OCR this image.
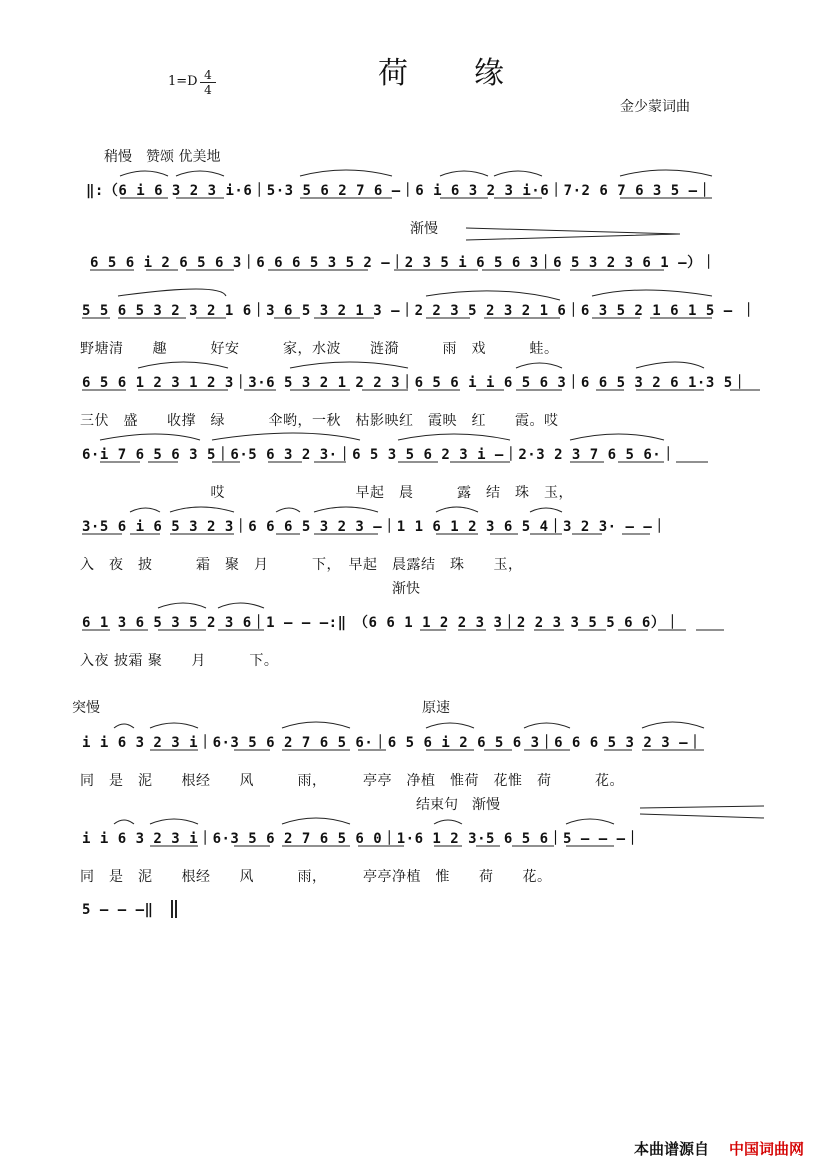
荷缘
1=D 4
4
金少蒙词曲
稍慢　赞颂 优美地
渐慢
渐快
突慢	原速
结束句　渐慢
‖:（6 i 6 3 2 3 i·6｜5·3 5 6 2 7 6 —｜6 i 6 3 2 3 i·6｜7·2 6 7 6 3 5 —｜
6 5 6 i 2 6 5 6 3｜6 6 6 5 3 5 2 —｜2 3 5 i 6 5 6 3｜6 5 3 2 3 6 1 —）｜
5 5 6 5 3 2 3 2 1 6｜3 6 5 3 2 1 3 —｜2 2 3 5 2 3 2 1 6｜6 3 5 2 1 6 1 5 — ｜
6 5 6 1 2 3 1 2 3｜3·6 5 3 2 1 2 2 3｜6 5 6 i i 6 5 6 3｜6 6 5 3 2 6 1·3 5｜
6·i 7 6 5 6 3 5｜6·5 6 3 2 3·｜6 5 3 5 6 2 3 i —｜2·3 2 3 7 6 5 6·｜
3·5 6 i 6 5 3 2 3｜6 6 6 5 3 2 3 —｜1 1 6 1 2 3 6 5 4｜3 2 3· — —｜
6 1 3 6 5 3 5 2 3 6｜1 — — —:‖　（6 6 1 1 2 2 3 3｜2 2 3 3 5 5 6 6）｜
i i 6 3 2 3 i｜6·3 5 6 2 7 6 5 6·｜6 5 6 i 2 6 5 6 3｜6 6 6 5 3 2 3 —｜
i i 6 3 2 3 i｜6·3 5 6 2 7 6 5 6 0｜1·6 1 2 3·5 6 5 6｜5 — — —｜
5 — — —‖
野塘清　　趣　　　好安　　　家，水波　　涟漪　　　雨　戏　　　蛙。
三伏　盛　　收撑　绿　　　伞哟，一秋　枯影映红　霞映　红　　霞。哎
　　　　　　　　　哎　　　　　　　　　早起　晨　　　露　结　珠　玉，
入　夜　披　　　霜　聚　月　　　下，　早起　晨露结　珠　　玉，
入夜 披霜 聚　　月　　　下。
同　是　泥　　根经　　风　　　雨，　　　亭亭　净植　惟荷　花惟　荷　　　花。
同　是　泥　　根经　　风　　　雨，　　　亭亭净植　惟　　荷　　花。
本曲谱源自 中国词曲网
